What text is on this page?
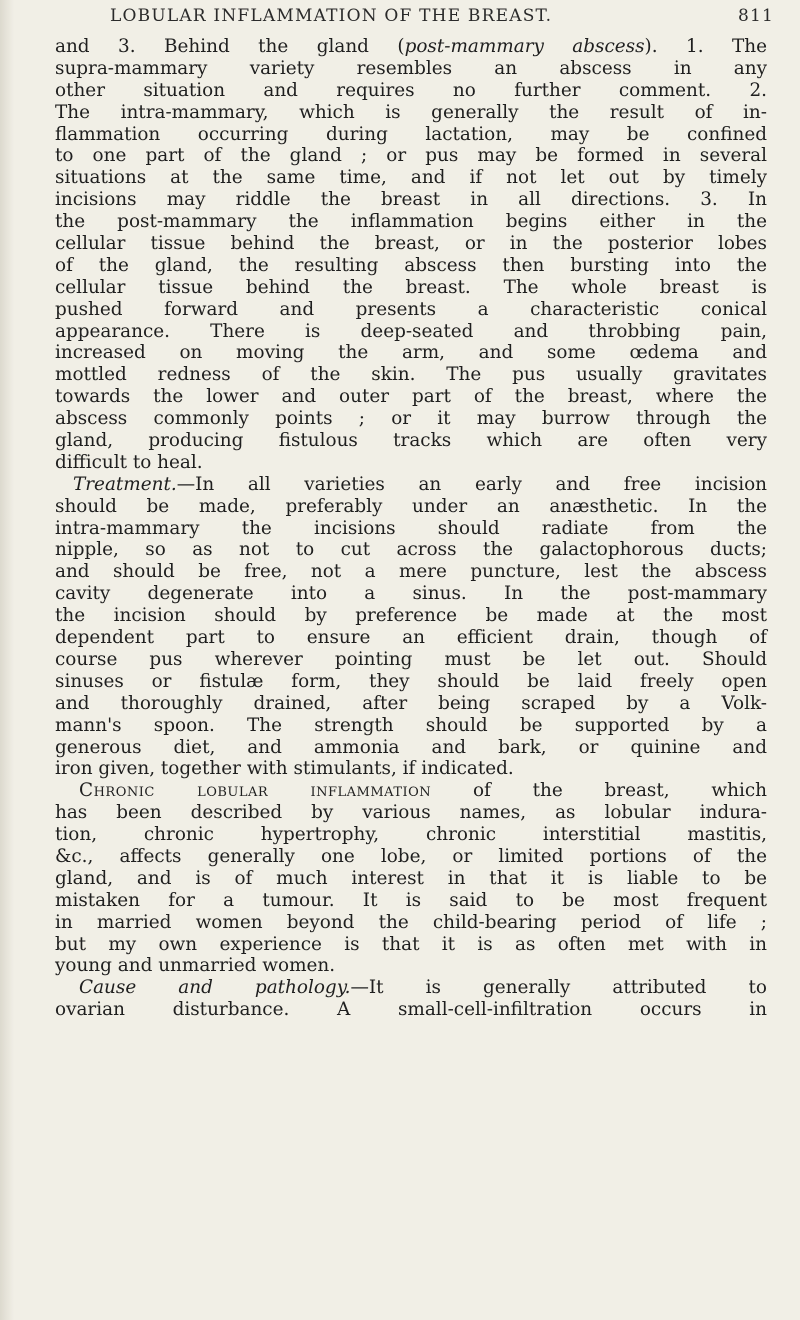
LOBULAR INFLAMMATION OF THE BREAST.	811
and 3. Behind the gland (post-mammary abscess). 1. The
supra-mammary variety resembles an abscess in any
other situation and requires no further comment. 2.
The intra-mammary, which is generally the result of in-
flammation occurring during lactation, may be confined
to one part of the gland ; or pus may be formed in several
situations at the same time, and if not let out by timely
incisions may riddle the breast in all directions. 3. In
the post-mammary the inflammation begins either in the
cellular tissue behind the breast, or in the posterior lobes
of the gland, the resulting abscess then bursting into the
cellular tissue behind the breast. The whole breast is
pushed forward and presents a characteristic conical
appearance. There is deep-seated and throbbing pain,
increased on moving the arm, and some œdema and
mottled redness of the skin. The pus usually gravitates
towards the lower and outer part of the breast, where the
abscess commonly points ; or it may burrow through the
gland, producing fistulous tracks which are often very
difficult to heal.
Treatment.—In all varieties an early and free incision
should be made, preferably under an anæsthetic. In the
intra-mammary the incisions should radiate from the
nipple, so as not to cut across the galactophorous ducts;
and should be free, not a mere puncture, lest the abscess
cavity degenerate into a sinus. In the post-mammary
the incision should by preference be made at the most
dependent part to ensure an efficient drain, though of
course pus wherever pointing must be let out. Should
sinuses or fistulæ form, they should be laid freely open
and thoroughly drained, after being scraped by a Volk-
mann's spoon. The strength should be supported by a
generous diet, and ammonia and bark, or quinine and
iron given, together with stimulants, if indicated.
Chronic lobular inflammation of the breast, which
has been described by various names, as lobular indura-
tion, chronic hypertrophy, chronic interstitial mastitis,
&c., affects generally one lobe, or limited portions of the
gland, and is of much interest in that it is liable to be
mistaken for a tumour. It is said to be most frequent
in married women beyond the child-bearing period of life ;
but my own experience is that it is as often met with in
young and unmarried women.
Cause and pathology.—It is generally attributed to
ovarian disturbance. A small-cell-infiltration occurs in
